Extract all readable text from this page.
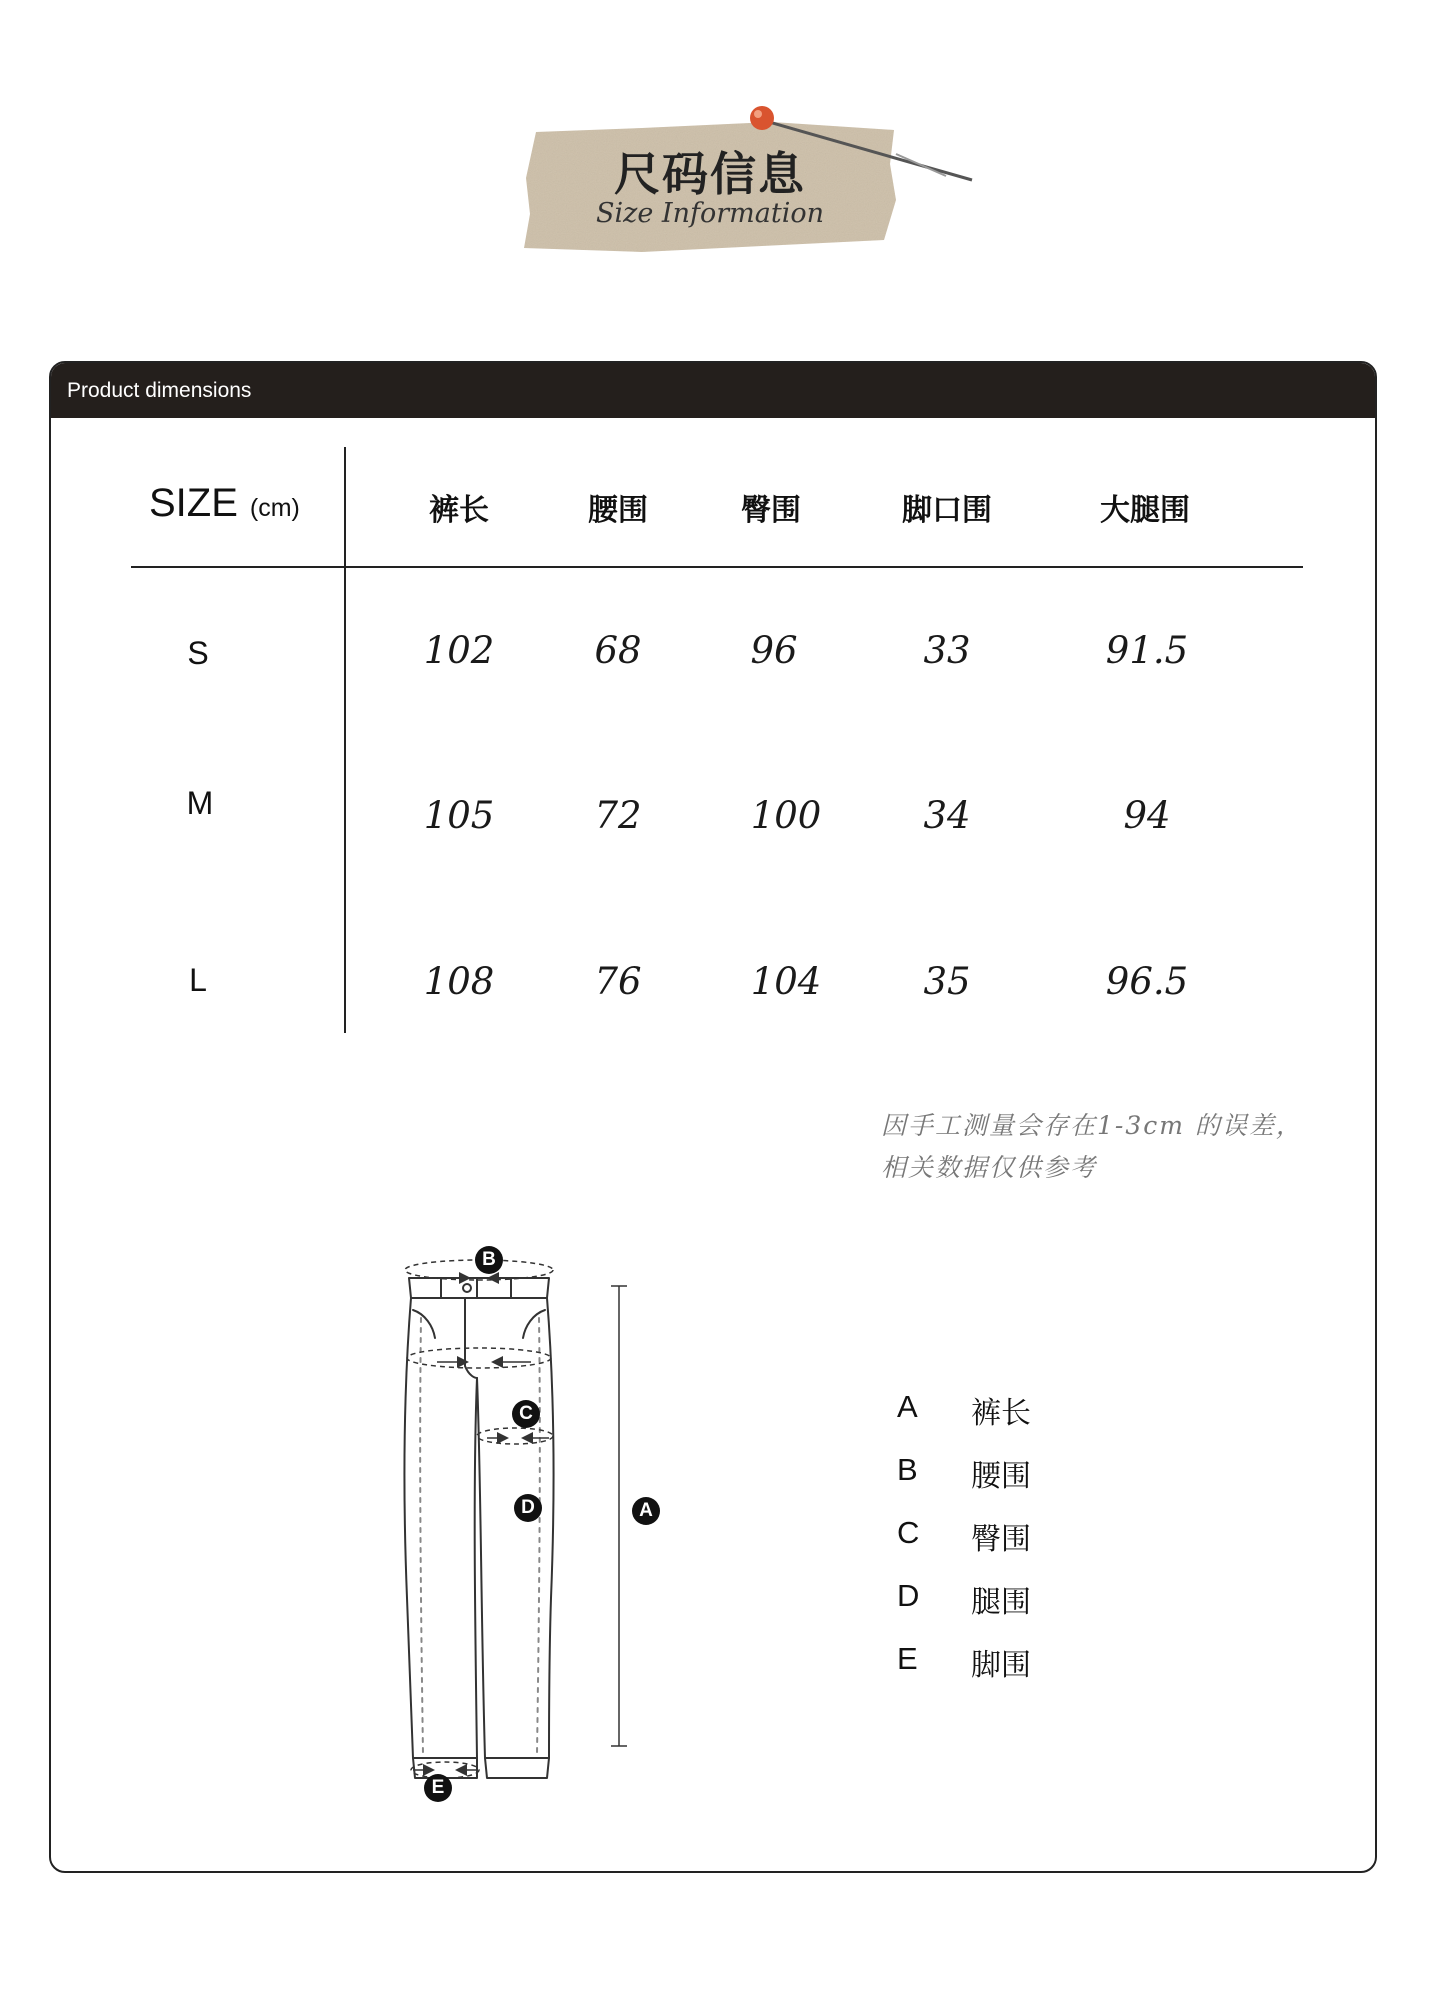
尺码信息
Size Information
Product dimensions
SIZE (cm)	裤长	腰围	臀围	脚口围	大腿围
S	102	68	96	33	91.5
M	105	72	100	34	94
L	108	76	104	35	96.5
因手工测量会存在1-3cm 的误差，
相关数据仅供参考
B
C
D	A
E
A 裤长
B 腰围
C 臀围
D 腿围
E 脚围
